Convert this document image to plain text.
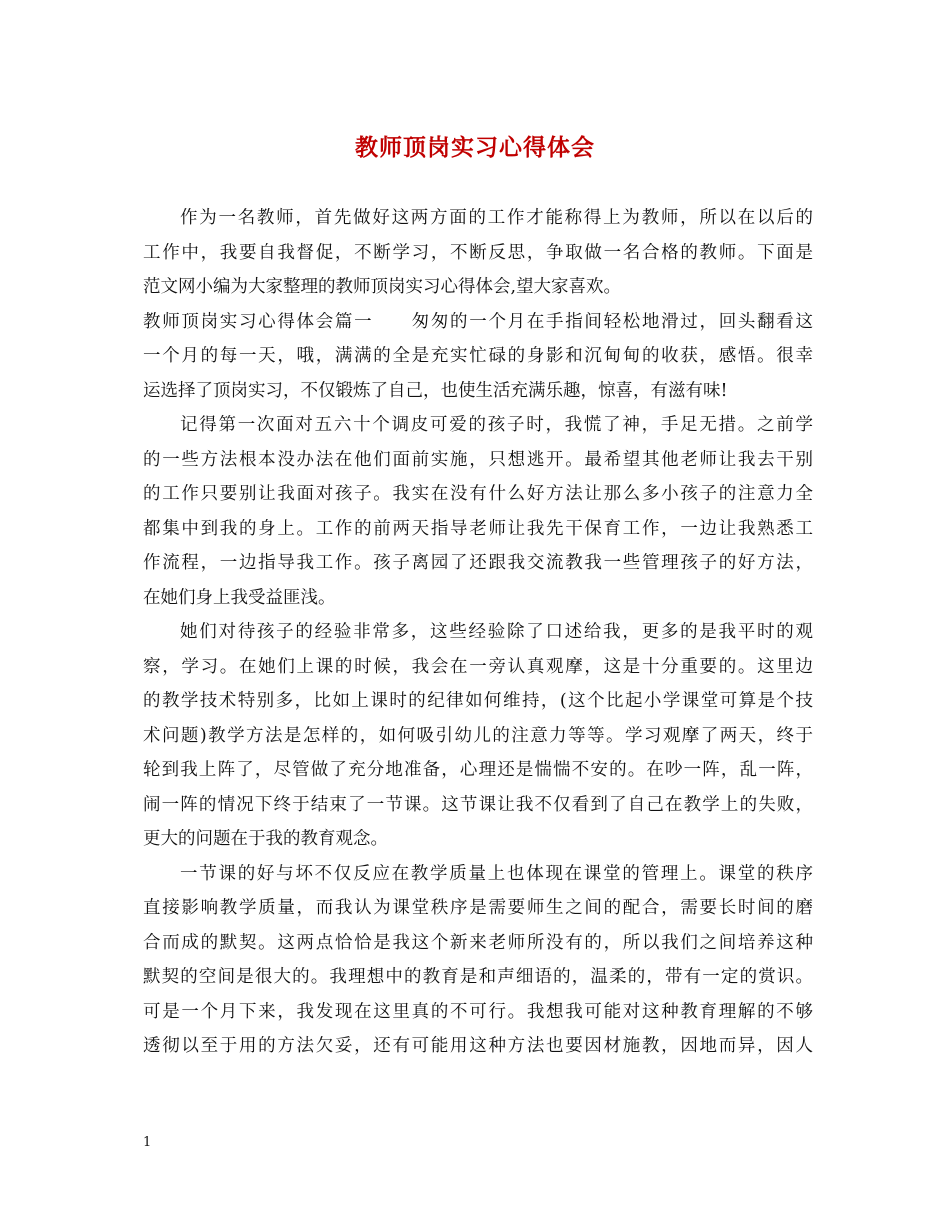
教师顶岗实习心得体会
作为一名教师，首先做好这两方面的工作才能称得上为教师，所以在以后的
工作中，我要自我督促，不断学习，不断反思，争取做一名合格的教师。下面是
范文网小编为大家整理的教师顶岗实习心得体会,望大家喜欢。
教师顶岗实习心得体会篇一　　匆匆的一个月在手指间轻松地滑过，回头翻看这
一个月的每一天，哦，满满的全是充实忙碌的身影和沉甸甸的收获，感悟。很幸
运选择了顶岗实习，不仅锻炼了自己，也使生活充满乐趣，惊喜，有滋有味!
记得第一次面对五六十个调皮可爱的孩子时，我慌了神，手足无措。之前学
的一些方法根本没办法在他们面前实施，只想逃开。最希望其他老师让我去干别
的工作只要别让我面对孩子。我实在没有什么好方法让那么多小孩子的注意力全
都集中到我的身上。工作的前两天指导老师让我先干保育工作，一边让我熟悉工
作流程，一边指导我工作。孩子离园了还跟我交流教我一些管理孩子的好方法，
在她们身上我受益匪浅。
她们对待孩子的经验非常多，这些经验除了口述给我，更多的是我平时的观
察，学习。在她们上课的时候，我会在一旁认真观摩，这是十分重要的。这里边
的教学技术特别多，比如上课时的纪律如何维持，(这个比起小学课堂可算是个技
术问题)教学方法是怎样的，如何吸引幼儿的注意力等等。学习观摩了两天，终于
轮到我上阵了，尽管做了充分地准备，心理还是惴惴不安的。在吵一阵，乱一阵，
闹一阵的情况下终于结束了一节课。这节课让我不仅看到了自己在教学上的失败，
更大的问题在于我的教育观念。
一节课的好与坏不仅反应在教学质量上也体现在课堂的管理上。课堂的秩序
直接影响教学质量，而我认为课堂秩序是需要师生之间的配合，需要长时间的磨
合而成的默契。这两点恰恰是我这个新来老师所没有的，所以我们之间培养这种
默契的空间是很大的。我理想中的教育是和声细语的，温柔的，带有一定的赏识。
可是一个月下来，我发现在这里真的不可行。我想我可能对这种教育理解的不够
透彻以至于用的方法欠妥，还有可能用这种方法也要因材施教，因地而异，因人
1
